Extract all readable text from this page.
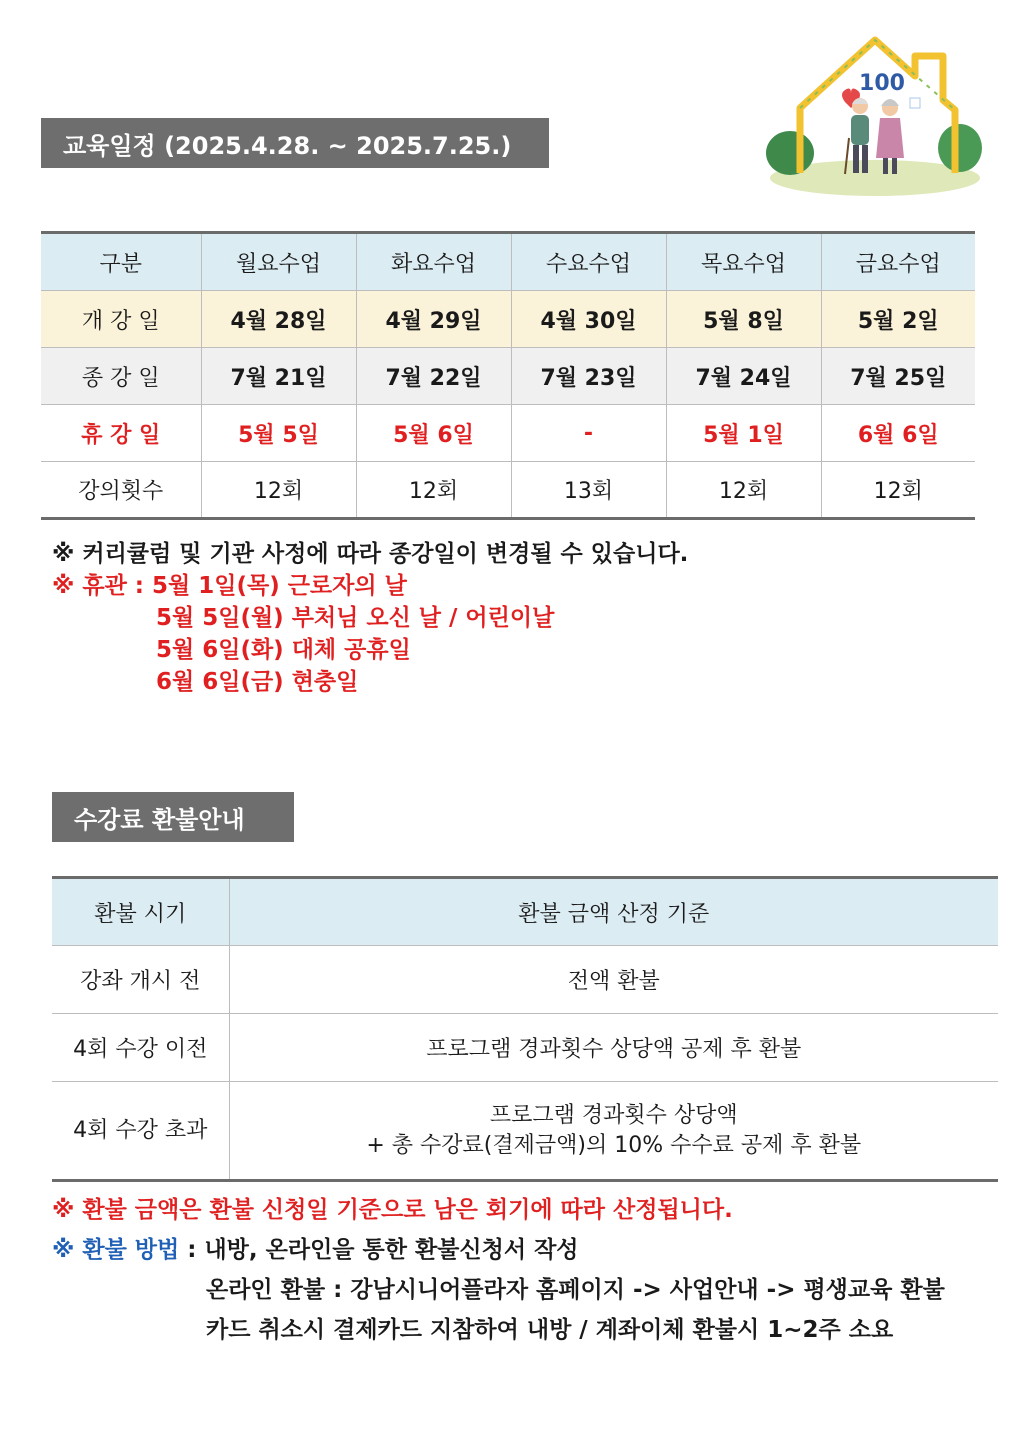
100
교육일정 (2025.4.28. ~ 2025.7.25.)
구분	월요수업	화요수업	수요수업	목요수업	금요수업
개 강 일	4월 28일	4월 29일	4월 30일	5월 8일	5월 2일
종 강 일	7월 21일	7월 22일	7월 23일	7월 24일	7월 25일
휴 강 일	5월 5일	5월 6일	-	5월 1일	6월 6일
강의횟수	12회	12회	13회	12회	12회
※ 커리큘럼 및 기관 사정에 따라 종강일이 변경될 수 있습니다.
※ 휴관 : 5월 1일(목) 근로자의 날
5월 5일(월) 부처님 오신 날 / 어린이날
5월 6일(화) 대체 공휴일
6월 6일(금) 현충일
수강료 환불안내
환불 시기	환불 금액 산정 기준
강좌 개시 전	전액 환불
4회 수강 이전	프로그램 경과횟수 상당액 공제 후 환불
4회 수강 초과	프로그램 경과횟수 상당액
+ 총 수강료(결제금액)의 10% 수수료 공제 후 환불
※ 환불 금액은 환불 신청일 기준으로 남은 회기에 따라 산정됩니다.
※ 환불 방법 : 내방, 온라인을 통한 환불신청서 작성
온라인 환불 : 강남시니어플라자 홈페이지 -> 사업안내 -> 평생교육 환불
카드 취소시 결제카드 지참하여 내방 / 계좌이체 환불시 1~2주 소요
